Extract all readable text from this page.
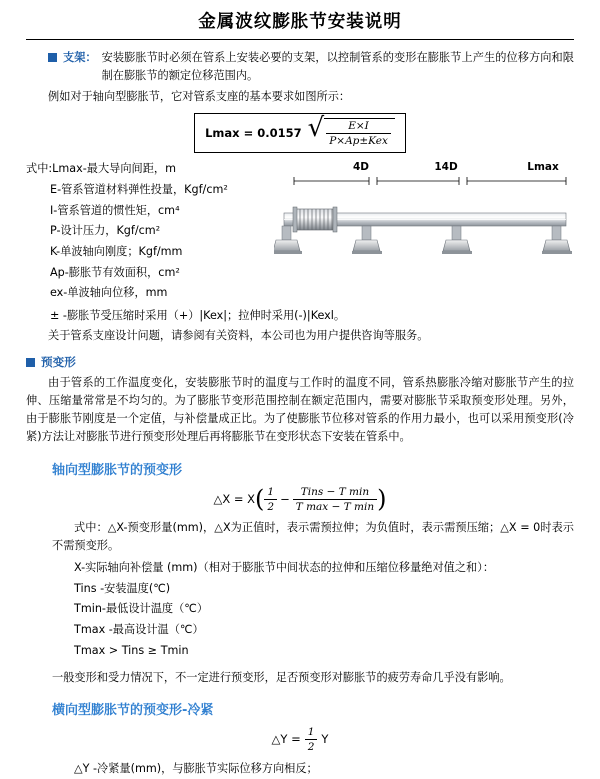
金属波纹膨胀节安装说明
支架： 安装膨胀节时必须在管系上安装必要的支架，以控制管系的变形在膨胀节上产生的位移方向和限制在膨胀节的额定位移范围内。
例如对于轴向型膨胀节，它对管系支座的基本要求如图所示：
Lmax = 0.0157 √ $\frac{E\times I}{\text{P×Ap±Kex}}$
式中:Lmax-最大导向间距，m
E-管系管道材料弹性投量，Kgf/cm²
I-管系管道的惯性矩，cm⁴
P-设计压力，Kgf/cm²
K-单波轴向刚度；Kgf/mm
Ap-膨胀节有效面积，cm²
ex-单波轴向位移，mm
4D	14D	Lmax
± -膨胀节受压缩时采用（+）|Kex|；拉伸时采用(-)|Kexl。
关于管系支座设计问题，请参阅有关资料，本公司也为用户提供咨询等服务。
预变形
由于管系的工作温度变化，安装膨胀节时的温度与工作时的温度不同，管系热膨胀冷缩对膨胀节产生的拉伸、压缩量常常是不均匀的。为了膨胀节变形范围控制在额定范围内，需要对膨胀节采取预变形处理。另外，由于膨胀节刚度是一个定值，与补偿量成正比。为了使膨胀节位移对管系的作用力最小，也可以采用预变形(冷紧)方法让对膨胀节进行预变形处理后再将膨胀节在变形状态下安装在管系中。
轴向型膨胀节的预变形
△X = X ( $\frac{1}{2} - \frac{\text{Tins − T min}}{\text{T max − T min}}$ )
式中：△X-预变形量(mm)，△X为正值时，表示需预拉伸；为负值时，表示需预压缩；△X = 0时表示不需预变形。
X-实际轴向补偿量 (mm)（相对于膨胀节中间状态的拉伸和压缩位移量绝对值之和）：
Tins -安装温度(℃)
Tmin-最低设计温度（℃）
Tmax -最高设计温（℃）
Tmax > Tins ≥ Tmin
一般变形和受力情况下，不一定进行预变形，足否预变形对膨胀节的疲劳寿命几乎没有影响。
横向型膨胀节的预变形-冷紧
△Y = $\frac{1}{2}$ Y
△Y -冷紧量(mm)，与膨胀节实际位移方向相反；
